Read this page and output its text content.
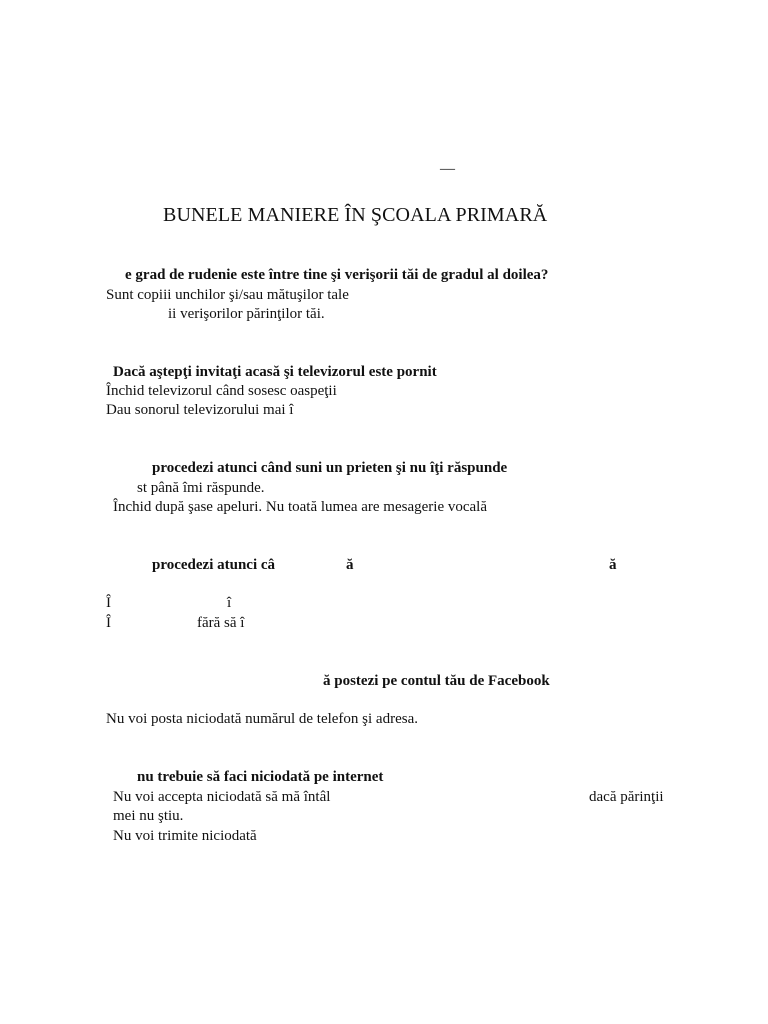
—
BUNELE MANIERE ÎN ŞCOALA PRIMARĂ
e grad de rudenie este între tine şi verişorii tăi de gradul al doilea?
Sunt copiii unchilor şi/sau mătuşilor tale
ii verişorilor părinţilor tăi.
Dacă aştepţi invitaţi acasă şi televizorul este pornit
Închid televizorul când sosesc oaspeţii
Dau sonorul televizorului mai î
procedezi atunci când suni un prieten şi nu îţi răspunde
st până îmi răspunde.
Închid după şase apeluri. Nu toată lumea are mesagerie vocală
procedezi atunci câ	ă	ă
Î	î
Î	fără să î
ă postezi pe contul tău de Facebook
Nu voi posta niciodată numărul de telefon şi adresa.
nu trebuie să faci niciodată pe internet
Nu voi accepta niciodată să mă întâl	dacă părinţii
mei nu ştiu.
Nu voi trimite niciodată
